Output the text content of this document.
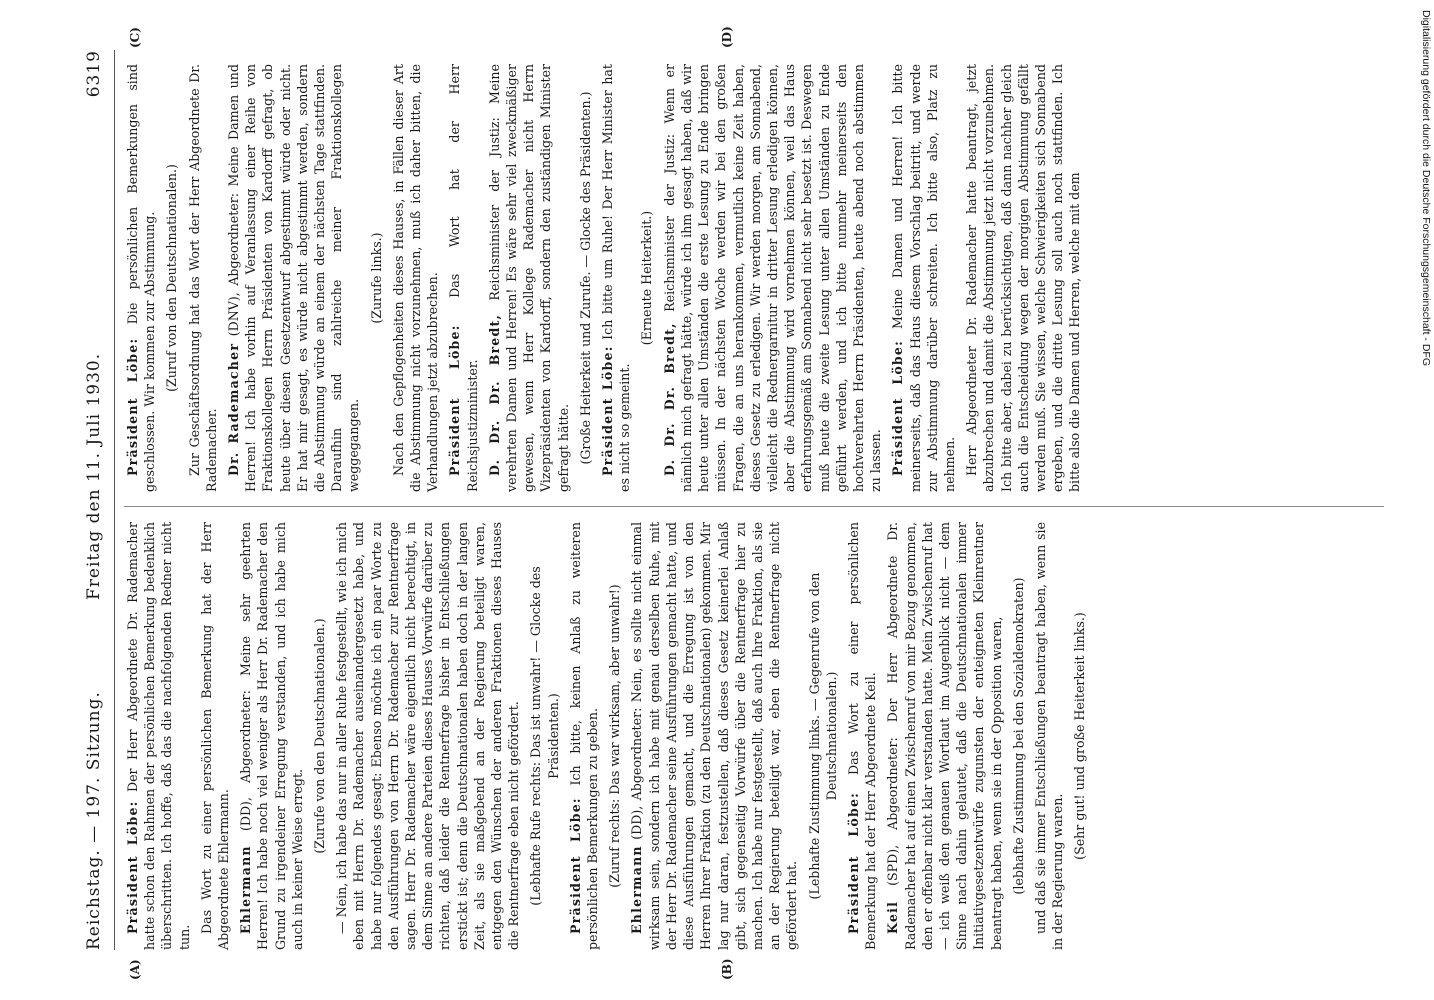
Reichstag. — 197. Sitzung.
Freitag den 11. Juli 1930.
6319
(A)	(B)
(C)	(D)

Präsident Löbe: Der Herr Abgeordnete Dr. Rademacher hatte schon den Rahmen der persönlichen Bemerkung bedenklich überschritten. Ich hoffe, daß das die nachfolgenden Redner nicht tun.

Das Wort zu einer persönlichen Bemerkung hat der Herr Abgeordnete Ehlermann. Ehlermann (DD), Abgeordneter: Meine sehr geehrten Herren! Ich habe noch viel weniger als Herr Dr. Rademacher den Grund zu irgendeiner Erregung verstanden, und ich habe mich auch in keiner Weise erregt.

(Zurufe von den Deutschnationalen.) — Nein, ich habe das nur in aller Ruhe festgestellt, wie ich mich eben mit Herrn Dr. Rademacher auseinandergesetzt habe, und habe nur folgendes gesagt: Ebenso möchte ich ein paar Worte zu den Ausführungen von Herrn Dr. Rademacher zur Rentnerfrage sagen. Herr Dr. Rademacher wäre eigentlich nicht berechtigt, in dem Sinne an andere Parteien dieses Hauses Vorwürfe darüber zu richten, daß leider die Rentnerfrage bisher in Entschließungen erstickt ist; denn die Deutschnationalen haben doch in der langen Zeit, als sie maßgebend an der Regierung beteiligt waren, entgegen den Wünschen der anderen Fraktionen dieses Hauses die Rentnerfrage eben nicht gefördert. (Lebhafte Rufe rechts: Das ist unwahr! — Glocke des Präsidenten.)

Präsident Löbe: Ich bitte, keinen Anlaß zu weiteren persönlichen Bemerkungen zu geben. (Zuruf rechts: Das war wirksam, aber unwahr!)

Ehlermann (DD), Abgeordneter: Nein, es sollte nicht einmal wirksam sein, sondern ich habe mit genau derselben Ruhe, mit der Herr Dr. Rademacher seine Ausführungen gemacht hatte, und diese Ausführungen gemacht, und die Erregung ist von den Herren Ihrer Fraktion (zu den Deutschnationalen) gekommen. Mir lag nur daran, festzustellen, daß dieses Gesetz keinerlei Anlaß gibt, sich gegenseitig Vorwürfe über die Rentnerfrage hier zu machen. Ich habe nur festgestellt, daß auch Ihre Fraktion, als sie an der Regierung beteiligt war, eben die Rentnerfrage nicht gefördert hat.

(Lebhafte Zustimmung links. — Gegenrufe von den Deutschnationalen.)

Präsident Löbe: Das Wort zu einer persönlichen Bemerkung hat der Herr Abgeordnete Keil. Keil (SPD), Abgeordneter: Der Herr Abgeordnete Dr. Rademacher hat auf einen Zwischenruf von mir Bezug genommen, den er offenbar nicht klar verstanden hatte. Mein Zwischenruf hat — ich weiß den genauen Wortlaut im Augenblick nicht — dem Sinne nach dahin gelautet, daß die Deutschnationalen immer Initiativgesetzentwürfe zugunsten der enteigneten Kleinrentner beantragt haben, wenn sie in der Opposition waren, (lebhafte Zustimmung bei den Sozialdemokraten) und daß sie immer Entschließungen beantragt haben, wenn sie in der Regierung waren.

(Sehr gut! und große Heiterkeit links.)

Präsident Löbe: Die persönlichen Bemerkungen sind geschlossen. Wir kommen zur Abstimmung. (Zuruf von den Deutschnationalen.) Zur Geschäftsordnung hat das Wort der Herr Abgeordnete Dr. Rademacher. Dr. Rademacher (DNV), Abgeordneter: Meine Damen und Herren! Ich habe vorhin auf Veranlassung einer Reihe von Fraktionskollegen Herrn Präsidenten von Kardorff gefragt, ob heute über diesen Gesetzentwurf abgestimmt würde oder nicht. Er hat mir gesagt, es würde nicht abgestimmt werden, sondern die Abstimmung würde an einem der nächsten Tage stattfinden. Daraufhin sind zahlreiche meiner Fraktionskollegen weggegangen.

(Zurufe links.) Nach den Gepflogenheiten dieses Hauses, in Fällen dieser Art die Abstimmung nicht vorzunehmen, muß ich daher bitten, die Verhandlungen jetzt abzubrechen. Präsident Löbe: Das Wort hat der Herr Reichsjustizminister. D. Dr. Dr. Bredt, Reichsminister der Justiz: Meine verehrten Damen und Herren! Es wäre sehr viel zweckmäßiger gewesen, wenn Herr Kollege Rademacher nicht Herrn Vizepräsidenten von Kardorff, sondern den zuständigen Minister gefragt hätte. (Große Heiterkeit und Zurufe. — Glocke des Präsidenten.) Präsident Löbe: Ich bitte um Ruhe! Der Herr Minister hat es nicht so gemeint.

(Erneute Heiterkeit.)

D. Dr. Dr. Bredt, Reichsminister der Justiz: Wenn er nämlich mich gefragt hätte, würde ich ihm gesagt haben, daß wir heute unter allen Umständen die erste Lesung zu Ende bringen müssen. In der nächsten Woche werden wir bei den großen Fragen, die an uns herankommen, vermutlich keine Zeit haben, dieses Gesetz zu erledigen. Wir werden morgen, am Sonnabend, vielleicht die Rednergarnitur in dritter Lesung erledigen können, aber die Abstimmung wird vornehmen können, weil das Haus erfahrungsgemäß am Sonnabend nicht sehr besetzt ist. Deswegen muß heute die zweite Lesung unter allen Umständen zu Ende geführt werden, und ich bitte nunmehr meinerseits den hochverehrten Herrn Präsidenten, heute abend noch abstimmen zu lassen. Präsident Löbe: Meine Damen und Herren! Ich bitte meinerseits, daß das Haus diesem Vorschlag beitritt, und werde zur Abstimmung darüber schreiten. Ich bitte also, Platz zu nehmen. Herr Abgeordneter Dr. Rademacher hatte beantragt, jetzt abzubrechen und damit die Abstimmung jetzt nicht vorzunehmen. Ich bitte aber, dabei zu berücksichtigen, daß dann nachher gleich auch die Entscheidung wegen der morgigen Abstimmung gefällt werden muß. Sie wissen, welche Schwierigkeiten sich Sonnabend ergeben, und die dritte Lesung soll auch noch stattfinden. Ich bitte also die Damen und Herren, welche mit dem	Digitalisierung gefördert durch die Deutsche Forschungsgemeinschaft - DFG
